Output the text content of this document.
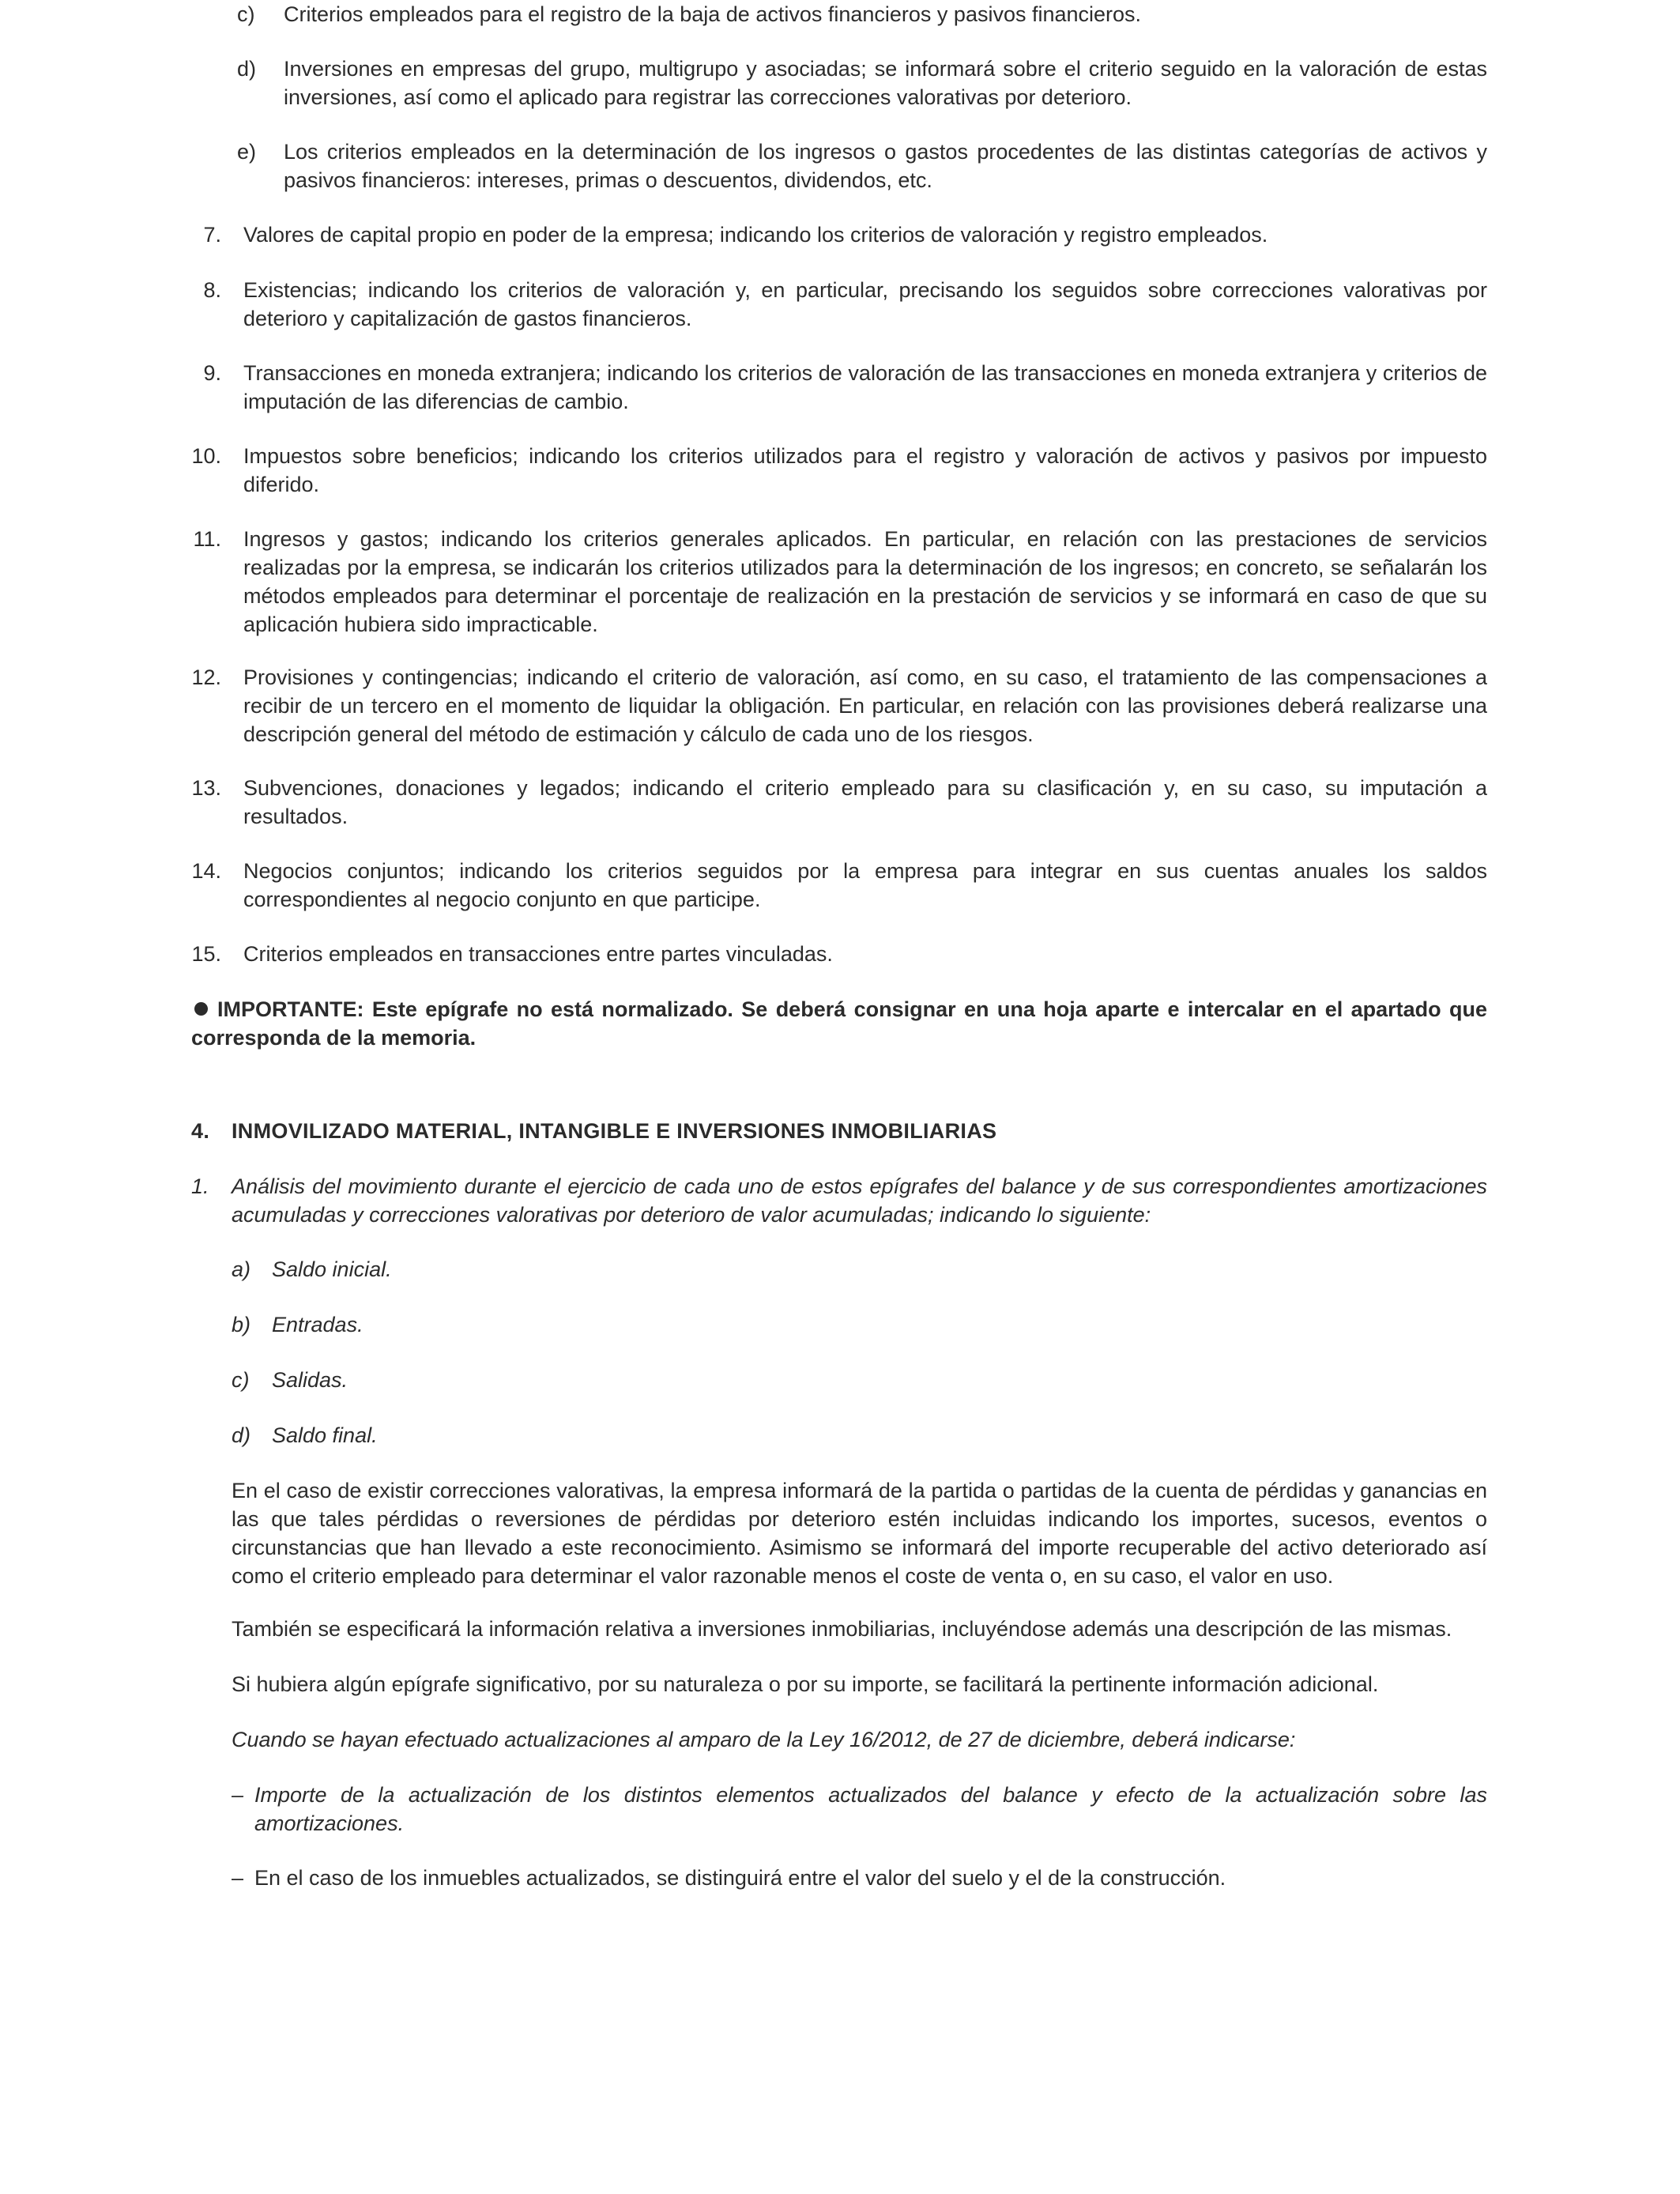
c)	Criterios empleados para el registro de la baja de activos financieros y pasivos financieros.
d)	Inversiones en empresas del grupo, multigrupo y asociadas; se informará sobre el criterio seguido en la valoración de estas inversiones, así como el aplicado para registrar las correcciones valorativas por deterioro.
e)	Los criterios empleados en la determinación de los ingresos o gastos procedentes de las distintas categorías de activos y pasivos financieros: intereses, primas o descuentos, dividendos, etc.
7. Valores de capital propio en poder de la empresa; indicando los criterios de valoración y registro empleados.
8. Existencias; indicando los criterios de valoración y, en particular, precisando los seguidos sobre correcciones valorativas por deterioro y capitalización de gastos financieros.
9. Transacciones en moneda extranjera; indicando los criterios de valoración de las transacciones en moneda extranjera y criterios de imputación de las diferencias de cambio.
10. Impuestos sobre beneficios; indicando los criterios utilizados para el registro y valoración de activos y pasivos por impuesto diferido.
11. Ingresos y gastos; indicando los criterios generales aplicados. En particular, en relación con las prestaciones de servicios realizadas por la empresa, se indicarán los criterios utilizados para la determinación de los ingresos; en concreto, se señalarán los métodos empleados para determinar el porcentaje de realización en la prestación de servicios y se informará en caso de que su aplicación hubiera sido impracticable.
12. Provisiones y contingencias; indicando el criterio de valoración, así como, en su caso, el tratamiento de las compensaciones a recibir de un tercero en el momento de liquidar la obligación. En particular, en relación con las provisiones deberá realizarse una descripción general del método de estimación y cálculo de cada uno de los riesgos.
13. Subvenciones, donaciones y legados; indicando el criterio empleado para su clasificación y, en su caso, su imputación a resultados.
14. Negocios conjuntos; indicando los criterios seguidos por la empresa para integrar en sus cuentas anuales los saldos correspondientes al negocio conjunto en que participe.
15. Criterios empleados en transacciones entre partes vinculadas.
IMPORTANTE: Este epígrafe no está normalizado. Se deberá consignar en una hoja aparte e intercalar en el apartado que corresponda de la memoria.
4. INMOVILIZADO MATERIAL, INTANGIBLE E INVERSIONES INMOBILIARIAS
1. Análisis del movimiento durante el ejercicio de cada uno de estos epígrafes del balance y de sus correspondientes amortizaciones acumuladas y correcciones valorativas por deterioro de valor acumuladas; indicando lo siguiente:
a) Saldo inicial.
b) Entradas.
c)	Salidas.
d) Saldo final.
En el caso de existir correcciones valorativas, la empresa informará de la partida o partidas de la cuenta de pérdidas y ganancias en las que tales pérdidas o reversiones de pérdidas por deterioro estén incluidas indicando los importes, sucesos, eventos o circunstancias que han llevado a este reconocimiento. Asimismo se informará del importe recuperable del activo deteriorado así como el criterio empleado para determinar el valor razonable menos el coste de venta o, en su caso, el valor en uso.
También se especificará la información relativa a inversiones inmobiliarias, incluyéndose además una descripción de las mismas.
Si hubiera algún epígrafe significativo, por su naturaleza o por su importe, se facilitará la pertinente información adicional.
Cuando se hayan efectuado actualizaciones al amparo de la Ley 16/2012, de 27 de diciembre, deberá indicarse:
– Importe de la actualización de los distintos elementos actualizados del balance y efecto de la actualización sobre las amortizaciones.
– En el caso de los inmuebles actualizados, se distinguirá entre el valor del suelo y el de la construcción.
